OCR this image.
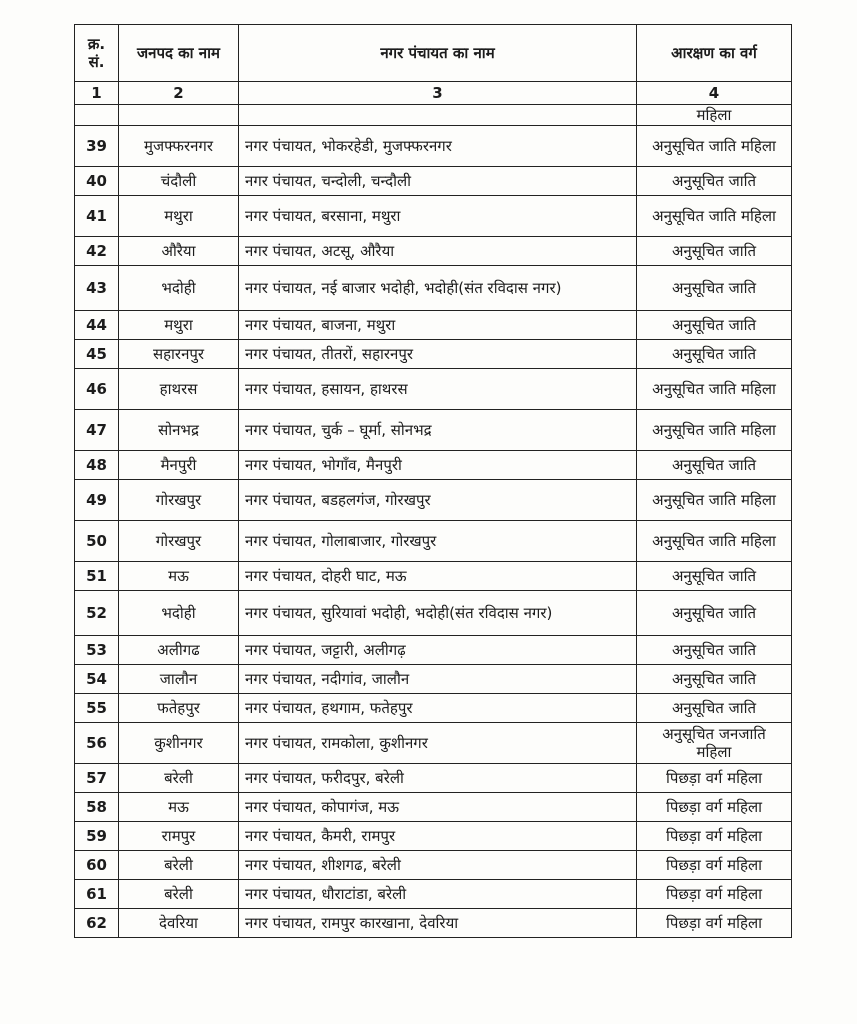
क्र. सं.	जनपद का नाम	नगर पंचायत का नाम	आरक्षण का वर्ग
1	2	3	4
			महिला
39	मुजफ्फरनगर	नगर पंचायत, भोकरहेडी, मुजफ्फरनगर	अनुसूचित जाति महिला
40	चंदौली	नगर पंचायत, चन्दोली, चन्दौली	अनुसूचित जाति
41	मथुरा	नगर पंचायत, बरसाना, मथुरा	अनुसूचित जाति महिला
42	औरैया	नगर पंचायत, अटसू, औरैया	अनुसूचित जाति
43	भदोही	नगर पंचायत, नई बाजार भदोही, भदोही(संत रविदास नगर)	अनुसूचित जाति
44	मथुरा	नगर पंचायत, बाजना, मथुरा	अनुसूचित जाति
45	सहारनपुर	नगर पंचायत, तीतरों, सहारनपुर	अनुसूचित जाति
46	हाथरस	नगर पंचायत, हसायन, हाथरस	अनुसूचित जाति महिला
47	सोनभद्र	नगर पंचायत, चुर्क – घूर्मा, सोनभद्र	अनुसूचित जाति महिला
48	मैनपुरी	नगर पंचायत, भोगाँव, मैनपुरी	अनुसूचित जाति
49	गोरखपुर	नगर पंचायत, बडहलगंज, गोरखपुर	अनुसूचित जाति महिला
50	गोरखपुर	नगर पंचायत, गोलाबाजार, गोरखपुर	अनुसूचित जाति महिला
51	मऊ	नगर पंचायत, दोहरी घाट, मऊ	अनुसूचित जाति
52	भदोही	नगर पंचायत, सुरियावां भदोही, भदोही(संत रविदास नगर)	अनुसूचित जाति
53	अलीगढ	नगर पंचायत, जट्टारी, अलीगढ़	अनुसूचित जाति
54	जालौन	नगर पंचायत, नदीगांव, जालौन	अनुसूचित जाति
55	फतेहपुर	नगर पंचायत, हथगाम, फतेहपुर	अनुसूचित जाति
56	कुशीनगर	नगर पंचायत, रामकोला, कुशीनगर	अनुसूचित जनजाति महिला
57	बरेली	नगर पंचायत, फरीदपुर, बरेली	पिछड़ा वर्ग महिला
58	मऊ	नगर पंचायत, कोपागंज, मऊ	पिछड़ा वर्ग महिला
59	रामपुर	नगर पंचायत, कैमरी, रामपुर	पिछड़ा वर्ग महिला
60	बरेली	नगर पंचायत, शीशगढ, बरेली	पिछड़ा वर्ग महिला
61	बरेली	नगर पंचायत, धौराटांडा, बरेली	पिछड़ा वर्ग महिला
62	देवरिया	नगर पंचायत, रामपुर कारखाना, देवरिया	पिछड़ा वर्ग महिला
